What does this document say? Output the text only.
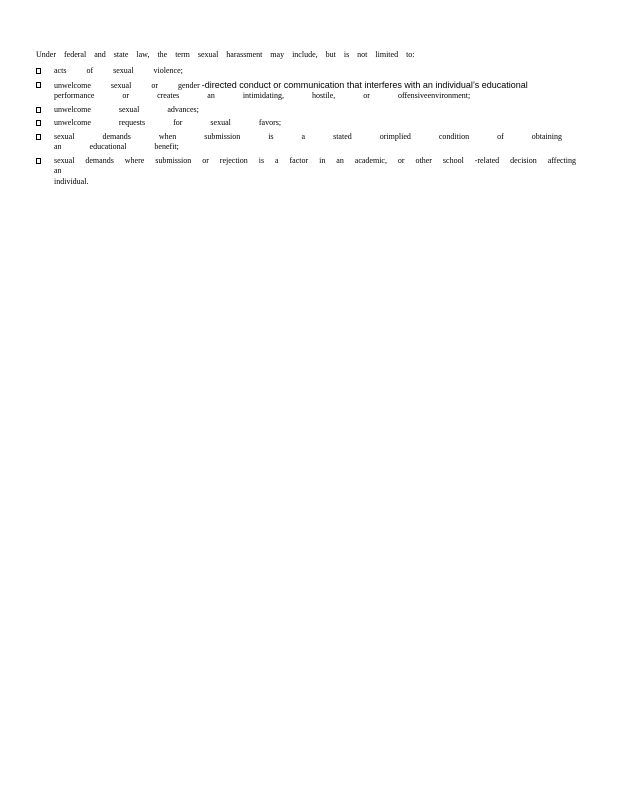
Under federal and state law, the term sexual harassment may include, but is not limited to:
acts of sexual violence;
unwelcome sexual or gender -directed conduct or communication that interferes with an individual’s educational
performance or creates an intimidating, hostile, or offensiveenvironment;
unwelcome sexual advances;
unwelcome requests for sexual favors;
sexual demands when submission is a stated orimplied condition of obtaining an educational benefit;
sexual demands where submission or rejection is a factor in an academic, or other school -related decision affecting an
individual.
